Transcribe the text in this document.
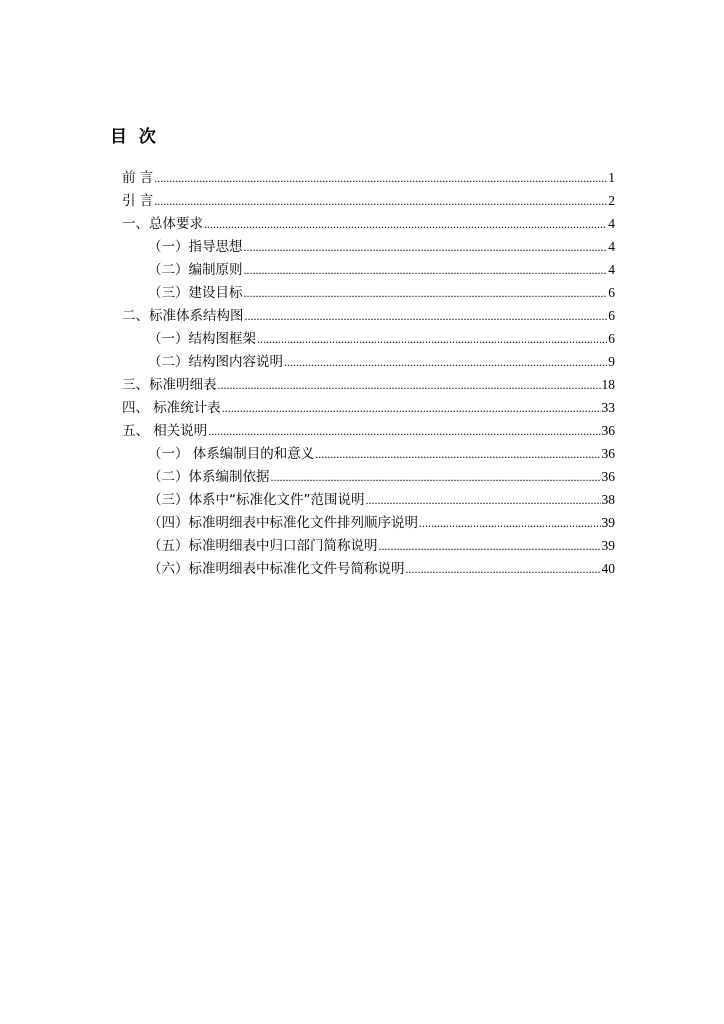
目 次
前 言 .....	1
引 言 .....	2
一、总体要求 .....	4
（一）指导思想 .....	4
（二）编制原则 .....	4
（三）建设目标 .....	6
二、标准体系结构图 .....	6
（一）结构图框架 .....	6
（二）结构图内容说明 .....	9
三、标准明细表 .....	18
四、 标准统计表 .....	33
五、 相关说明 .....	36
（一） 体系编制目的和意义 .....	36
（二）体系编制依据 .....	36
（三）体系中“标准化文件”范围说明 .....	38
（四）标准明细表中标准化文件排列顺序说明 .....	39
（五）标准明细表中归口部门简称说明 .....	39
（六）标准明细表中标准化文件号简称说明 .....	40
